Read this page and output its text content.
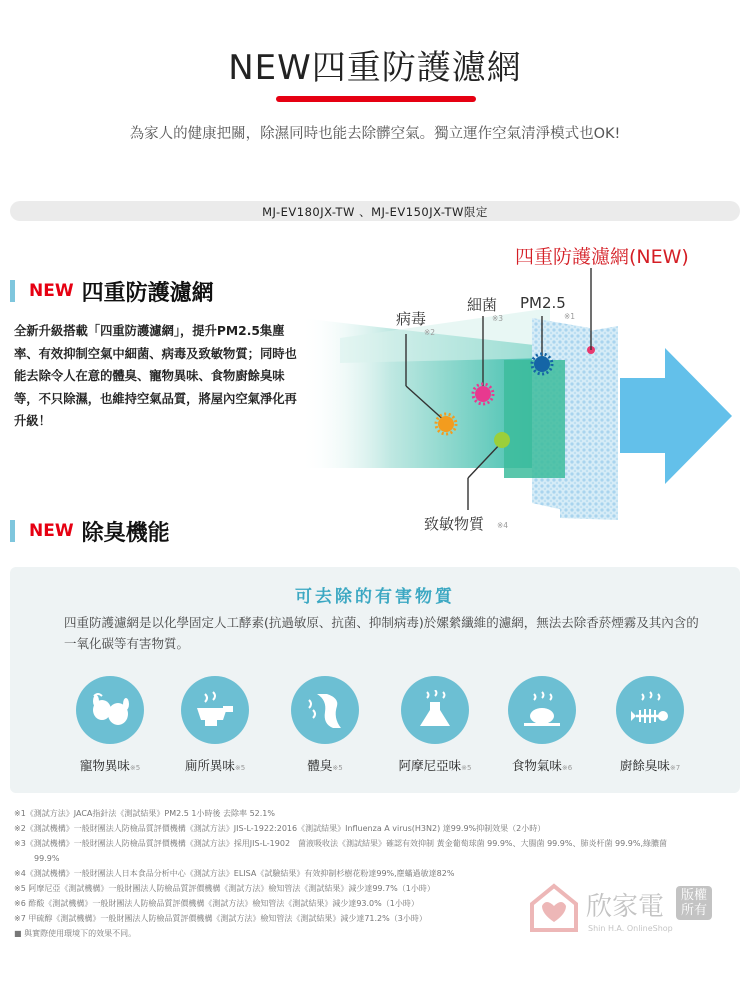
NEW四重防護濾網
為家人的健康把關，除濕同時也能去除髒空氣。獨立運作空氣清淨模式也OK!
MJ-EV180JX-TW 、MJ-EV150JX-TW限定
NEW 四重防護濾網
全新升級搭載「四重防護濾網」，提升PM2.5集塵率、有效抑制空氣中細菌、病毒及致敏物質；同時也能去除令人在意的體臭、寵物異味、食物廚餘臭味等，不只除濕，也維持空氣品質，將屋內空氣淨化再升級！
四重防護濾網(NEW)
病毒
※2
細菌
※3
PM2.5
※1
致敏物質 ※4
NEW 除臭機能
可去除的有害物質
四重防護濾網是以化學固定人工酵素(抗過敏原、抗菌、抑制病毒)於嫘縈纖維的濾網，無法去除香菸煙霧及其內含的一氧化碳等有害物質。
寵物異味※5	廁所異味※5	體臭※5	阿摩尼亞味※5	食物氣味※6	廚餘臭味※7
※1《測試方法》JACA指針法《測試結果》PM2.5 1小時後 去除率 52.1%
※2《測試機構》一般財團法人防檢品質評價機構《測試方法》JIS-L-1922:2016《測試結果》Influenza A virus(H3N2) 達99.9%抑制效果（2小時）
※3《測試機構》一般財團法人防檢品質評價機構《測試方法》採用JIS-L-1902　菌液吸收法《測試結果》確認有效抑制 黃金葡萄球菌 99.9%、大腸菌 99.9%、肺炎杆菌 99.9%,綠膿菌
99.9%
※4《測試機構》一般財團法人日本食品分析中心《測試方法》ELISA《試驗結果》有效抑制杉樹花粉達99%,塵蟎過敏達82%
※5 阿摩尼亞《測試機構》一般財團法人防檢品質評價機構《測試方法》檢知管法《測試結果》減少達99.7%（1小時）
※6 酢酸《測試機構》一般財團法人防檢品質評價機構《測試方法》檢知管法《測試結果》減少達93.0%（1小時）
※7 甲硫醇《測試機構》一般財團法人防檢品質評價機構《測試方法》檢知管法《測試結果》減少達71.2%（3小時）
■ 與實際使用環境下的效果不同。
欣家電	版權所有
Shin H.A. OnlineShop
